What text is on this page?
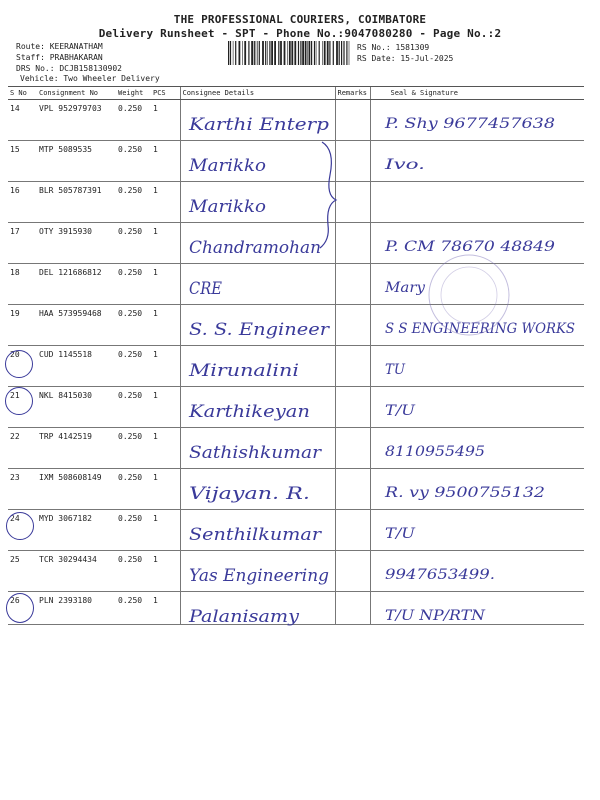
THE PROFESSIONAL COURIERS, COIMBATORE
Delivery Runsheet - SPT - Phone No.:9047080280 - Page No.:2
Route: KEERANATHAM
Staff: PRABHAKARAN
DRS No.: DCJB158130902
Vehicle: Two Wheeler Delivery
RS No.: 1581309
RS Date: 15-Jul-2025
S No	Consignment No	Weight	PCS	Consignee Details	Remarks	Seal & Signature

14	VPL 952979703	0.250	1	Karthi Enterp		P. Shy 9677457638

15	MTP 5089535	0.250	1	Marikko		Ivo.

16	BLR 505787391	0.250	1	Marikko

17	OTY 3915930	0.250	1	Chandramohan		P. CM 78670 48849

18	DEL 121686812	0.250	1	CRE		Mary

19	HAA 573959468	0.250	1	S. S. Engineer		S S ENGINEERING WORKS

20	CUD 1145518	0.250	1	Mirunalini		TU

21	NKL 8415030	0.250	1	Karthikeyan		T/U

22	TRP 4142519	0.250	1	Sathishkumar		8110955495

23	IXM 508608149	0.250	1	Vijayan. R.		R. vy 9500755132

24	MYD 3067182	0.250	1	Senthilkumar		T/U

25	TCR 30294434	0.250	1	Yas Engineering		9947653499.

26	PLN 2393180	0.250	1	Palanisamy		T/U NP/RTN
